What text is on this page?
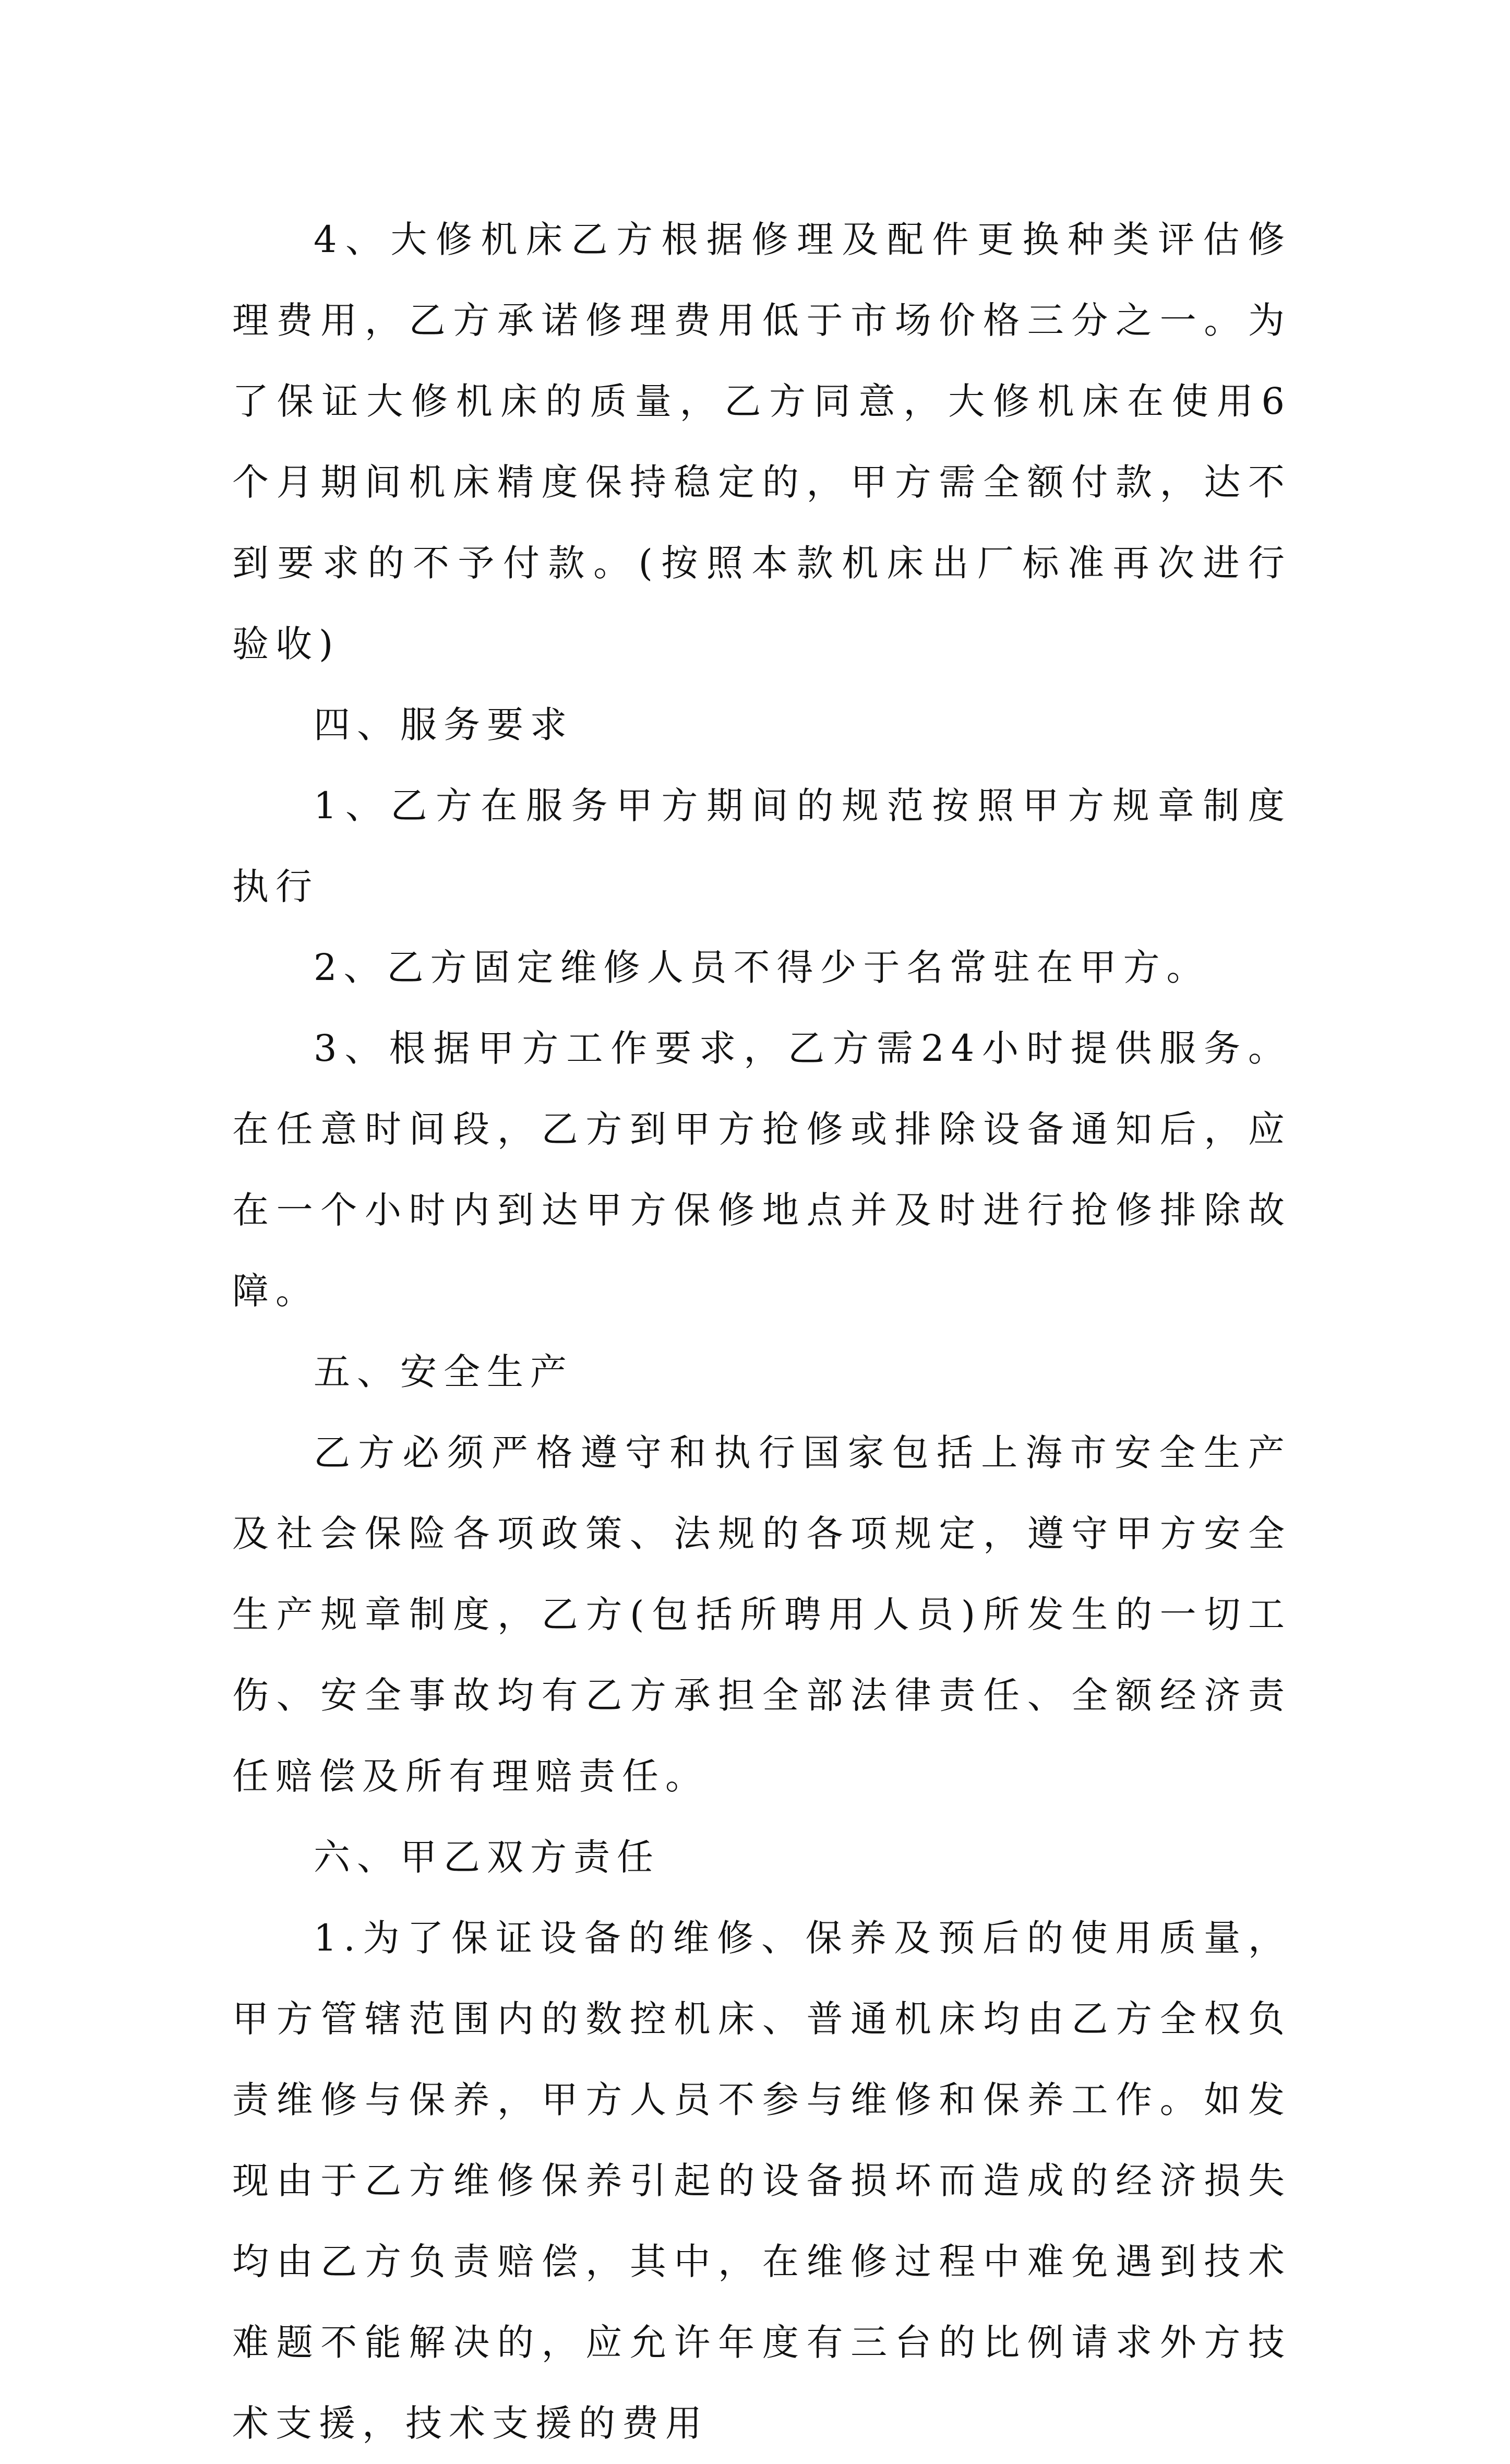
4、大修机床乙方根据修理及配件更换种类评估修理费用，乙方承诺修理费用低于市场价格三分之一。为了保证大修机床的质量，乙方同意，大修机床在使用6个月期间机床精度保持稳定的，甲方需全额付款，达不到要求的不予付款。(按照本款机床出厂标准再次进行验收)

四、服务要求

1、乙方在服务甲方期间的规范按照甲方规章制度执行

2、乙方固定维修人员不得少于名常驻在甲方。

3、根据甲方工作要求，乙方需24小时提供服务。在任意时间段，乙方到甲方抢修或排除设备通知后，应在一个小时内到达甲方保修地点并及时进行抢修排除故障。

五、安全生产

乙方必须严格遵守和执行国家包括上海市安全生产及社会保险各项政策、法规的各项规定，遵守甲方安全生产规章制度，乙方(包括所聘用人员)所发生的一切工伤、安全事故均有乙方承担全部法律责任、全额经济责任赔偿及所有理赔责任。

六、甲乙双方责任

1.为了保证设备的维修、保养及预后的使用质量，甲方管辖范围内的数控机床、普通机床均由乙方全权负责维修与保养，甲方人员不参与维修和保养工作。如发现由于乙方维修保养引起的设备损坏而造成的经济损失均由乙方负责赔偿，其中，在维修过程中难免遇到技术难题不能解决的，应允许年度有三台的比例请求外方技术支援，技术支援的费用
